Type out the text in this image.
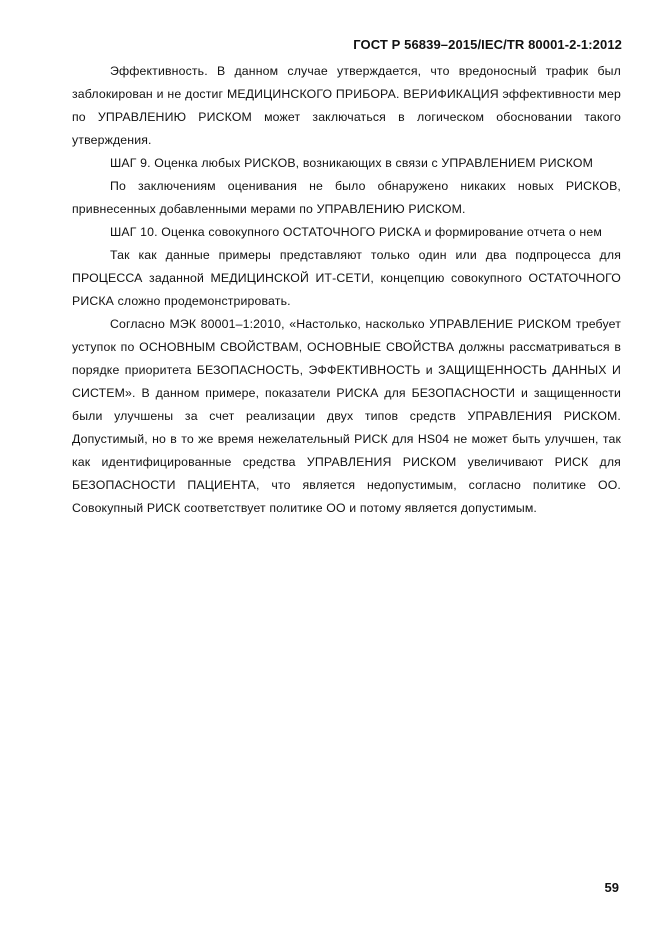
ГОСТ Р 56839–2015/IEC/TR 80001-2-1:2012

Эффективность. В данном случае утверждается, что вредоносный трафик был заблокирован и не достиг МЕДИЦИНСКОГО ПРИБОРА. ВЕРИФИКАЦИЯ эффективности мер по УПРАВЛЕНИЮ РИСКОМ может заключаться в логическом обосновании такого утверждения.

ШАГ 9. Оценка любых РИСКОВ, возникающих в связи с УПРАВЛЕНИЕМ РИСКОМ

По заключениям оценивания не было обнаружено никаких новых РИСКОВ, привнесенных добавленными мерами по УПРАВЛЕНИЮ РИСКОМ.

ШАГ 10. Оценка совокупного ОСТАТОЧНОГО РИСКА и формирование отчета о нем

Так как данные примеры представляют только один или два подпроцесса для ПРОЦЕССА заданной МЕДИЦИНСКОЙ ИТ-СЕТИ, концепцию совокупного ОСТАТОЧНОГО РИСКА сложно продемонстрировать.

Согласно МЭК 80001–1:2010, «Настолько, насколько УПРАВЛЕНИЕ РИСКОМ требует уступок по ОСНОВНЫМ СВОЙСТВАМ, ОСНОВНЫЕ СВОЙСТВА должны рассматриваться в порядке приоритета БЕЗОПАСНОСТЬ, ЭФФЕКТИВНОСТЬ и ЗАЩИЩЕННОСТЬ ДАННЫХ И СИСТЕМ». В данном примере, показатели РИСКА для БЕЗОПАСНОСТИ и защищенности были улучшены за счет реализации двух типов средств УПРАВЛЕНИЯ РИСКОМ. Допустимый, но в то же время нежелательный РИСК для HS04 не может быть улучшен, так как идентифицированные средства УПРАВЛЕНИЯ РИСКОМ увеличивают РИСК для БЕЗОПАСНОСТИ ПАЦИЕНТА, что является недопустимым, согласно политике ОО. Совокупный РИСК соответствует политике ОО и потому является допустимым.

59
